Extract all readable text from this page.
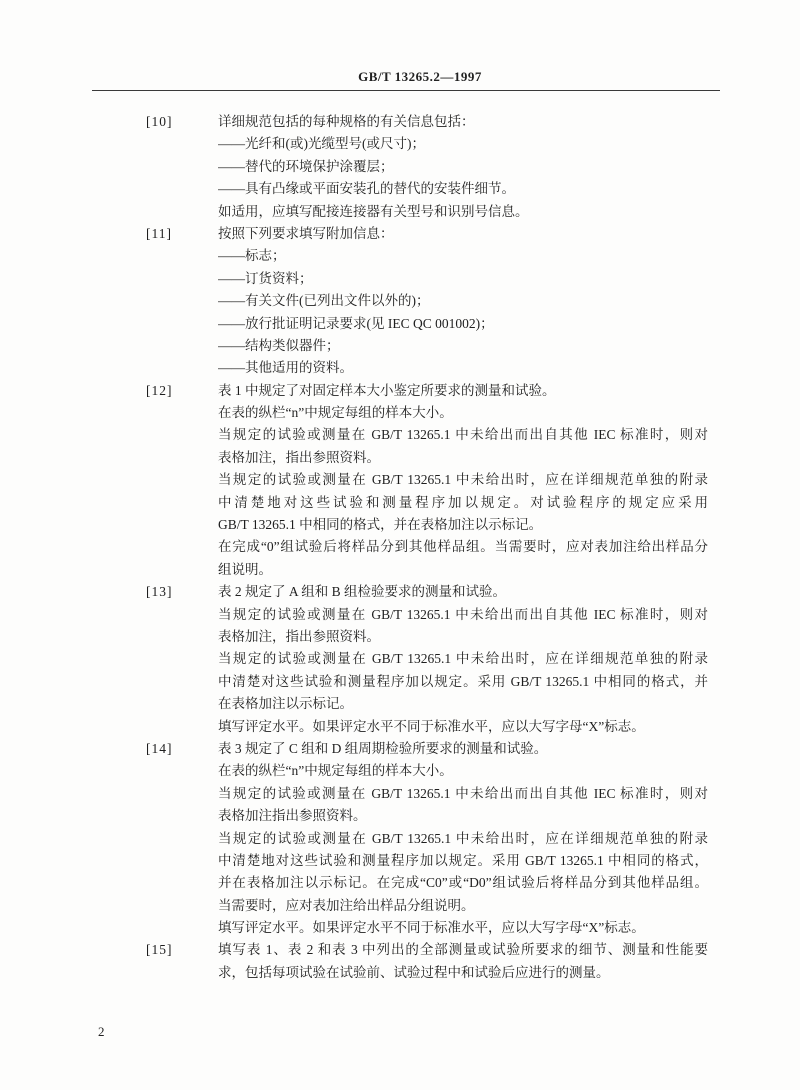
GB/T 13265.2—1997
[10]	详细规范包括的每种规格的有关信息包括：
——光纤和(或)光缆型号(或尺寸)；
——替代的环境保护涂覆层；
——具有凸缘或平面安装孔的替代的安装件细节。
如适用，应填写配接连接器有关型号和识别号信息。
[11]	按照下列要求填写附加信息：
——标志；
——订货资料；
——有关文件(已列出文件以外的)；
——放行批证明记录要求(见 IEC QC 001002)；
——结构类似器件；
——其他适用的资料。
[12]	表 1 中规定了对固定样本大小鉴定所要求的测量和试验。
在表的纵栏“n”中规定每组的样本大小。
当规定的试验或测量在 GB/T 13265.1 中未给出而出自其他 IEC 标准时，则对
表格加注，指出参照资料。
当规定的试验或测量在 GB/T 13265.1 中未给出时，应在详细规范单独的附录
中清楚地对这些试验和测量程序加以规定。对试验程序的规定应采用
GB/T 13265.1 中相同的格式，并在表格加注以示标记。
在完成“0”组试验后将样品分到其他样品组。当需要时，应对表加注给出样品分
组说明。
[13]	表 2 规定了 A 组和 B 组检验要求的测量和试验。
当规定的试验或测量在 GB/T 13265.1 中未给出而出自其他 IEC 标准时，则对
表格加注，指出参照资料。
当规定的试验或测量在 GB/T 13265.1 中未给出时，应在详细规范单独的附录
中清楚对这些试验和测量程序加以规定。采用 GB/T 13265.1 中相同的格式，并
在表格加注以示标记。
填写评定水平。如果评定水平不同于标准水平，应以大写字母“X”标志。
[14]	表 3 规定了 C 组和 D 组周期检验所要求的测量和试验。
在表的纵栏“n”中规定每组的样本大小。
当规定的试验或测量在 GB/T 13265.1 中未给出而出自其他 IEC 标准时，则对
表格加注指出参照资料。
当规定的试验或测量在 GB/T 13265.1 中未给出时，应在详细规范单独的附录
中清楚地对这些试验和测量程序加以规定。采用 GB/T 13265.1 中相同的格式，
并在表格加注以示标记。在完成“C0”或“D0”组试验后将样品分到其他样品组。
当需要时，应对表加注给出样品分组说明。
填写评定水平。如果评定水平不同于标准水平，应以大写字母“X”标志。
[15]	填写表 1、表 2 和表 3 中列出的全部测量或试验所要求的细节、测量和性能要
求，包括每项试验在试验前、试验过程中和试验后应进行的测量。
2
